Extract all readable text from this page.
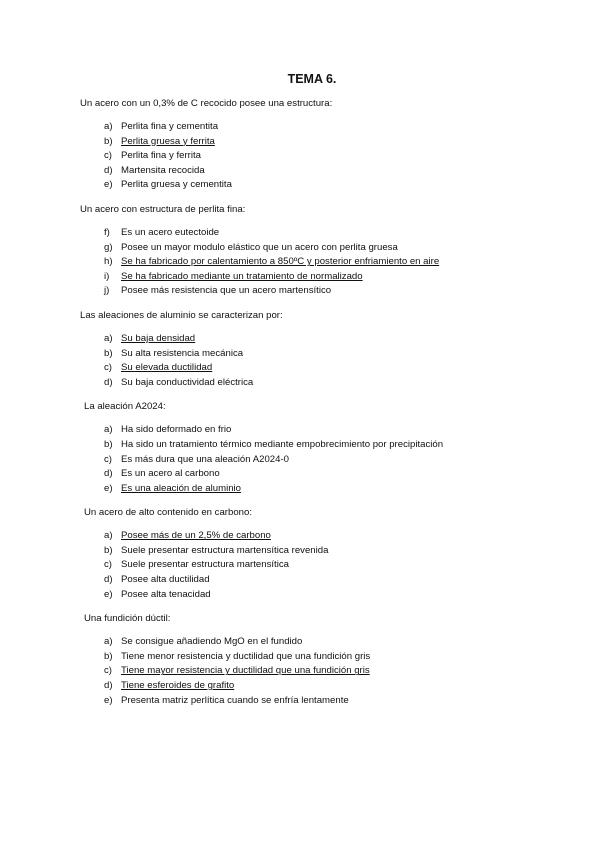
TEMA 6.
Un acero con un 0,3% de C recocido posee una estructura:
a) Perlita fina y cementita
b) Perlita gruesa y ferrita
c) Perlita fina y ferrita
d) Martensita recocida
e) Perlita gruesa y cementita
Un acero con estructura de perlita fina:
f) Es un acero eutectoide
g) Posee un mayor modulo elástico que un acero con perlita gruesa
h) Se ha fabricado por calentamiento a 850ºC y posterior enfriamiento en aire
i) Se ha fabricado mediante un tratamiento de normalizado
j) Posee más resistencia que un acero martensítico
Las aleaciones de aluminio se caracterizan por:
a) Su baja densidad
b) Su alta resistencia mecánica
c) Su elevada ductilidad
d) Su baja conductividad eléctrica
La aleación A2024:
a) Ha sido deformado en frio
b) Ha sido un tratamiento térmico mediante empobrecimiento por precipitación
c) Es más dura que una aleación A2024-0
d) Es un acero al carbono
e) Es una aleación de aluminio
Un acero de alto contenido en carbono:
a) Posee más de un 2,5% de carbono
b) Suele presentar estructura martensítica revenida
c) Suele presentar estructura martensítica
d) Posee alta ductilidad
e) Posee alta tenacidad
Una fundición dúctil:
a) Se consigue añadiendo MgO en el fundido
b) Tiene menor resistencia y ductilidad que una fundición gris
c) Tiene mayor resistencia y ductilidad que una fundición gris
d) Tiene esferoides de grafito
e) Presenta matriz perlítica cuando se enfría lentamente
